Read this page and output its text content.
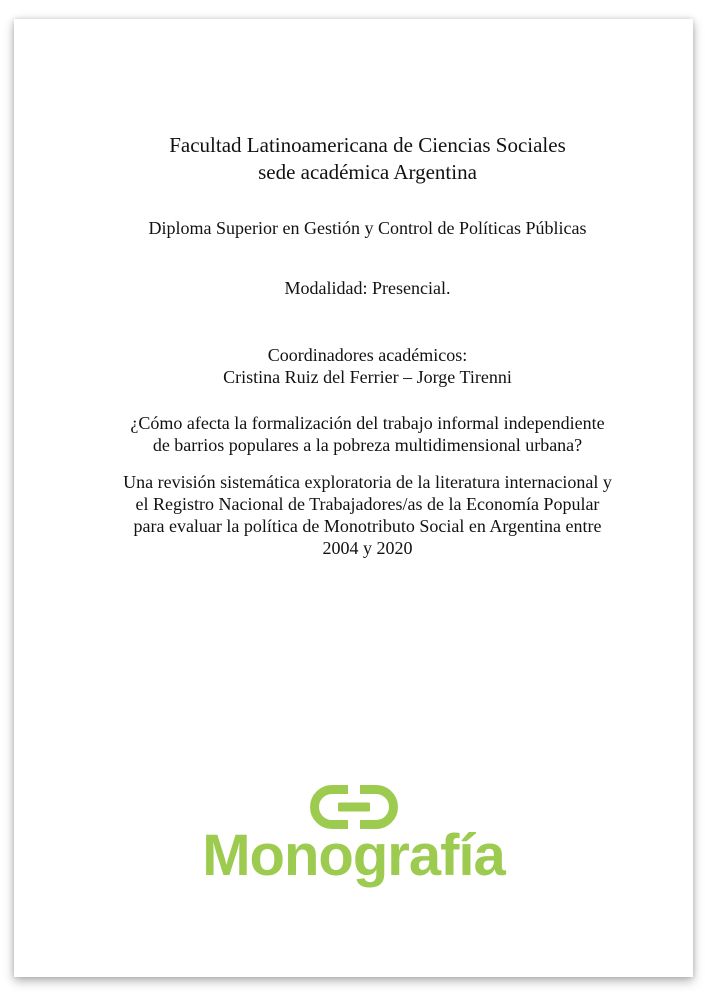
Facultad Latinoamericana de Ciencias Sociales
sede académica Argentina
Diploma Superior en Gestión y Control de Políticas Públicas
Modalidad: Presencial.
Coordinadores académicos:
Cristina Ruiz del Ferrier – Jorge Tirenni
¿Cómo afecta la formalización del trabajo informal independiente
de barrios populares a la pobreza multidimensional urbana?
Una revisión sistemática exploratoria de la literatura internacional y
el Registro Nacional de Trabajadores/as de la Economía Popular
para evaluar la política de Monotributo Social en Argentina entre
2004 y 2020
Monografía
